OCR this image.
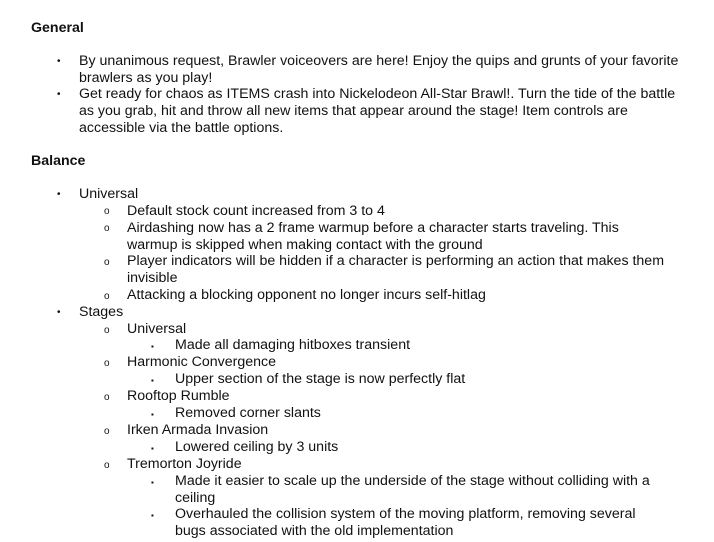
General
• By unanimous request, Brawler voiceovers are here! Enjoy the quips and grunts of your favorite brawlers as you play!
• Get ready for chaos as ITEMS crash into Nickelodeon All-Star Brawl!. Turn the tide of the battle as you grab, hit and throw all new items that appear around the stage! Item controls are accessible via the battle options.
Balance
• Universal
o Default stock count increased from 3 to 4
o Airdashing now has a 2 frame warmup before a character starts traveling. This warmup is skipped when making contact with the ground
o Player indicators will be hidden if a character is performing an action that makes them invisible
o Attacking a blocking opponent no longer incurs self-hitlag
• Stages
o Universal
▪ Made all damaging hitboxes transient
o Harmonic Convergence
▪ Upper section of the stage is now perfectly flat
o Rooftop Rumble
▪ Removed corner slants
o Irken Armada Invasion
▪ Lowered ceiling by 3 units
o Tremorton Joyride
▪ Made it easier to scale up the underside of the stage without colliding with a ceiling
▪ Overhauled the collision system of the moving platform, removing several bugs associated with the old implementation
